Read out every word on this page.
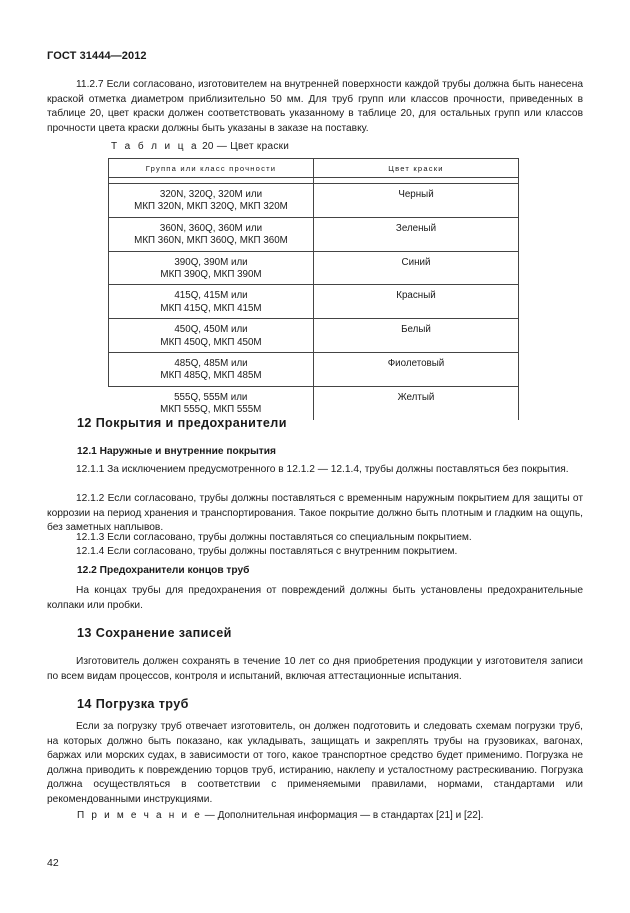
ГОСТ 31444—2012
11.2.7 Если согласовано, изготовителем на внутренней поверхности каждой трубы должна быть нанесена краской отметка диаметром приблизительно 50 мм. Для труб групп или классов прочности, приведенных в таблице 20, цвет краски должен соответствовать указанному в таблице 20, для остальных групп или классов прочности цвета краски должны быть указаны в заказе на поставку.
Т а б л и ц а 20 — Цвет краски
Группа или класс прочности	Цвет краски

320N, 320Q, 320M или
МКП 320N, МКП 320Q, МКП 320M	Черный
360N, 360Q, 360M или
МКП 360N, МКП 360Q, МКП 360M	Зеленый
390Q, 390M или
МКП 390Q, МКП 390M	Синий
415Q, 415M или
МКП 415Q, МКП 415M	Красный
450Q, 450M или
МКП 450Q, МКП 450M	Белый
485Q, 485M или
МКП 485Q, МКП 485M	Фиолетовый
555Q, 555M или
МКП 555Q, МКП 555M	Желтый
12 Покрытия и предохранители
12.1 Наружные и внутренние покрытия
12.1.1 За исключением предусмотренного в 12.1.2 — 12.1.4, трубы должны поставляться без покрытия.
12.1.2 Если согласовано, трубы должны поставляться с временным наружным покрытием для защиты от коррозии на период хранения и транспортирования. Такое покрытие должно быть плотным и гладким на ощупь, без заметных наплывов.
12.1.3 Если согласовано, трубы должны поставляться со специальным покрытием.
12.1.4 Если согласовано, трубы должны поставляться с внутренним покрытием.
12.2 Предохранители концов труб
На концах трубы для предохранения от повреждений должны быть установлены предохранительные колпаки или пробки.
13 Сохранение записей
Изготовитель должен сохранять в течение 10 лет со дня приобретения продукции у изготовителя записи по всем видам процессов, контроля и испытаний, включая аттестационные испытания.
14 Погрузка труб
Если за погрузку труб отвечает изготовитель, он должен подготовить и следовать схемам погрузки труб, на которых должно быть показано, как укладывать, защищать и закреплять трубы на грузовиках, вагонах, баржах или морских судах, в зависимости от того, какое транспортное средство будет применимо. Погрузка не должна приводить к повреждению торцов труб, истиранию, наклепу и усталостному растрескиванию. Погрузка должна осуществляться в соответствии с применяемыми правилами, нормами, стандартами или рекомендованными инструкциями.
П р и м е ч а н и е — Дополнительная информация — в стандартах [21] и [22].
42
